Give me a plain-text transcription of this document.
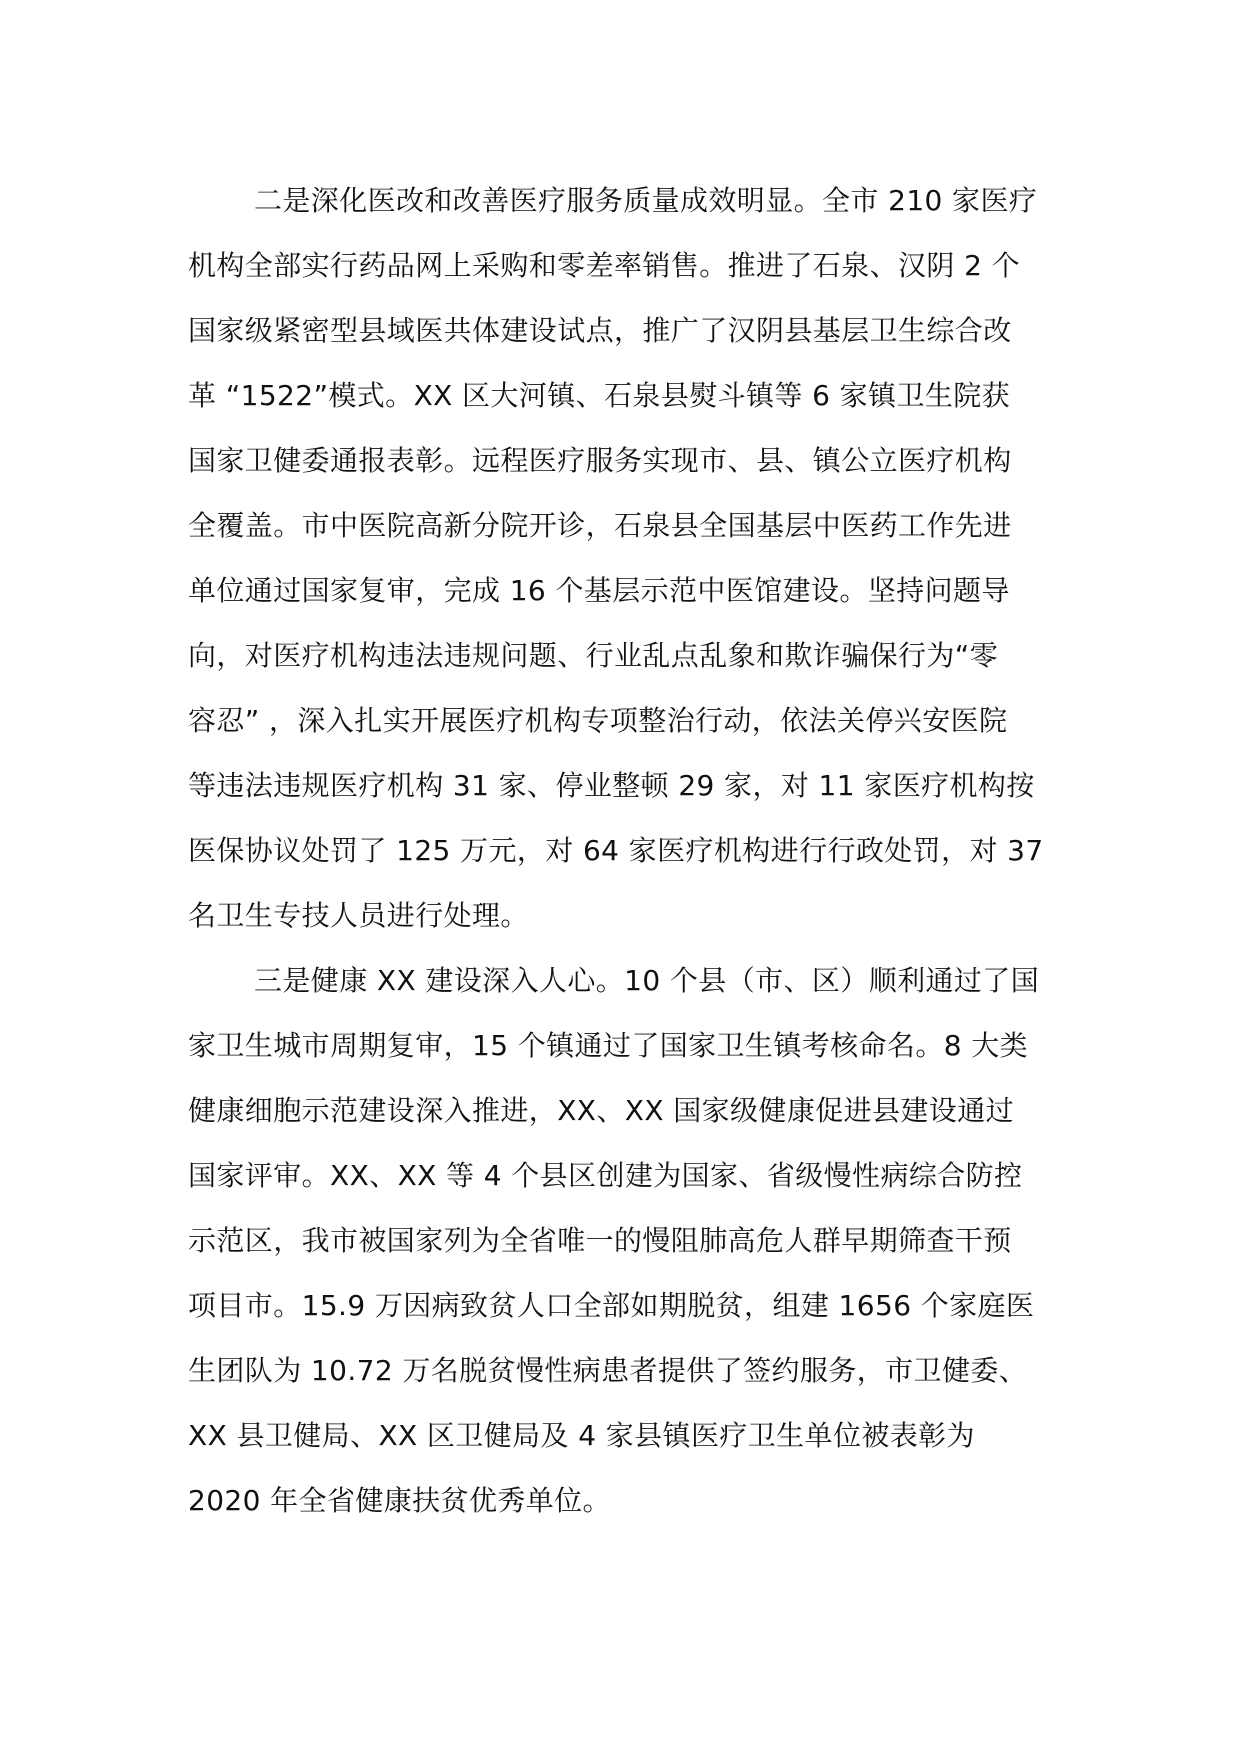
二是深化医改和改善医疗服务质量成效明显。全市 210 家医疗
机构全部实行药品网上采购和零差率销售。推进了石泉、汉阴 2 个
国家级紧密型县域医共体建设试点，推广了汉阴县基层卫生综合改
革 “1522”模式。XX 区大河镇、石泉县熨斗镇等 6 家镇卫生院获
国家卫健委通报表彰。远程医疗服务实现市、县、镇公立医疗机构
全覆盖。市中医院高新分院开诊，石泉县全国基层中医药工作先进
单位通过国家复审，完成 16 个基层示范中医馆建设。坚持问题导
向，对医疗机构违法违规问题、行业乱点乱象和欺诈骗保行为“零
容忍” ，深入扎实开展医疗机构专项整治行动，依法关停兴安医院
等违法违规医疗机构 31 家、停业整顿 29 家，对 11 家医疗机构按
医保协议处罚了 125 万元，对 64 家医疗机构进行行政处罚，对 37
名卫生专技人员进行处理。
三是健康 XX 建设深入人心。10 个县（市、区）顺利通过了国
家卫生城市周期复审，15 个镇通过了国家卫生镇考核命名。8 大类
健康细胞示范建设深入推进，XX、XX 国家级健康促进县建设通过
国家评审。XX、XX 等 4 个县区创建为国家、省级慢性病综合防控
示范区，我市被国家列为全省唯一的慢阻肺高危人群早期筛查干预
项目市。15.9 万因病致贫人口全部如期脱贫，组建 1656 个家庭医
生团队为 10.72 万名脱贫慢性病患者提供了签约服务，市卫健委、
XX 县卫健局、XX 区卫健局及 4 家县镇医疗卫生单位被表彰为
2020 年全省健康扶贫优秀单位。
